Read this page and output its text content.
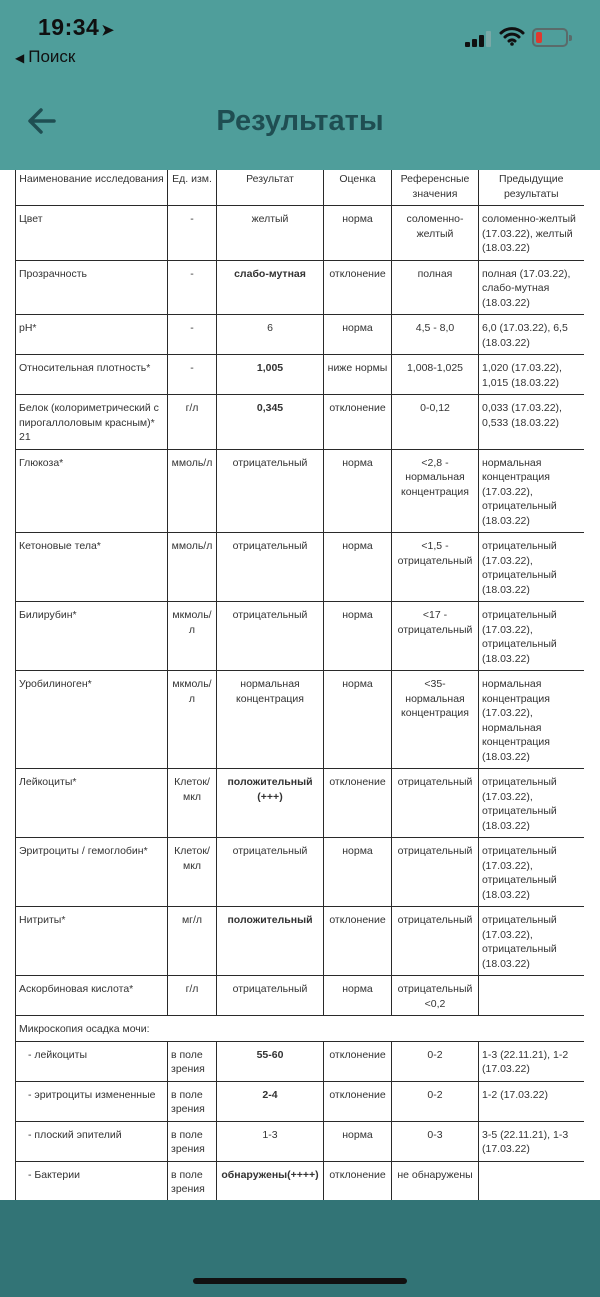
19:34 ➤
◀ Поиск
Результаты
Наименование исследования	Ед. изм.	Результат	Оценка	Референсные значения	Предыдущие результаты
Цвет	-	желтый	норма	соломенно-желтый	соломенно-желтый (17.03.22), желтый (18.03.22)
Прозрачность	-	слабо-мутная	отклонение	полная	полная (17.03.22), слабо-мутная (18.03.22)
pH*	-	6	норма	4,5 - 8,0	6,0 (17.03.22), 6,5 (18.03.22)
Относительная плотность*	-	1,005	ниже нормы	1,008-1,025	1,020 (17.03.22), 1,015 (18.03.22)
Белок (колориметрический с пирогаллоловым красным)* 21	г/л	0,345	отклонение	0-0,12	0,033 (17.03.22), 0,533 (18.03.22)
Глюкоза*	ммоль/л	отрицательный	норма	<2,8 - нормальная концентрация	нормальная концентрация (17.03.22), отрицательный (18.03.22)
Кетоновые тела*	ммоль/л	отрицательный	норма	<1,5 - отрицательный	отрицательный (17.03.22), отрицательный (18.03.22)
Билирубин*	мкмоль/л	отрицательный	норма	<17 - отрицательный	отрицательный (17.03.22), отрицательный (18.03.22)
Уробилиноген*	мкмоль/л	нормальная концентрация	норма	<35- нормальная концентрация	нормальная концентрация (17.03.22), нормальная концентрация (18.03.22)
Лейкоциты*	Клеток/мкл	положительный (+++)	отклонение	отрицательный	отрицательный (17.03.22), отрицательный (18.03.22)
Эритроциты / гемоглобин*	Клеток/мкл	отрицательный	норма	отрицательный	отрицательный (17.03.22), отрицательный (18.03.22)
Нитриты*	мг/л	положительный	отклонение	отрицательный	отрицательный (17.03.22), отрицательный (18.03.22)
Аскорбиновая кислота*	г/л	отрицательный	норма	отрицательный <0,2	
Микроскопия осадка мочи:					
- лейкоциты	в поле зрения	55-60	отклонение	0-2	1-3 (22.11.21), 1-2 (17.03.22)
- эритроциты измененные	в поле зрения	2-4	отклонение	0-2	1-2 (17.03.22)
- плоский эпителий	в поле зрения	1-3	норма	0-3	3-5 (22.11.21), 1-3 (17.03.22)
- Бактерии	в поле зрения	обнаружены(++++)	отклонение	не обнаружены	
